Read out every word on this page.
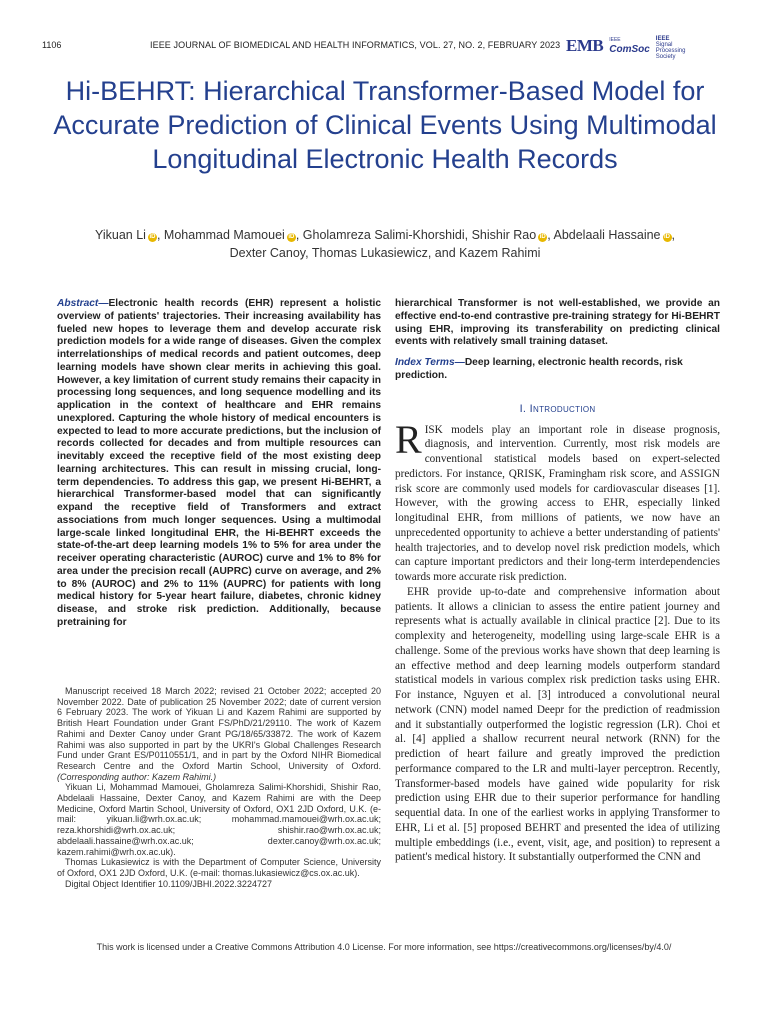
1106	IEEE JOURNAL OF BIOMEDICAL AND HEALTH INFORMATICS, VOL. 27, NO. 2, FEBRUARY 2023 EMB IEEE
ComSoc
IEEE
Signal Processing Society
Hi-BEHRT: Hierarchical Transformer-Based Model for Accurate Prediction of Clinical Events Using Multimodal Longitudinal Electronic Health Records
Yikuan Li iD , Mohammad Mamouei iD , Gholamreza Salimi-Khorshidi, Shishir Rao iD , Abdelaali Hassaine iD ,
Dexter Canoy, Thomas Lukasiewicz, and Kazem Rahimi
Abstract—Electronic health records (EHR) represent a holistic overview of patients' trajectories. Their increasing availability has fueled new hopes to leverage them and develop accurate risk prediction models for a wide range of diseases. Given the complex interrelationships of medical records and patient outcomes, deep learning models have shown clear merits in achieving this goal. However, a key limitation of current study remains their capacity in processing long sequences, and long sequence modelling and its application in the context of healthcare and EHR remains unexplored. Capturing the whole history of medical encounters is expected to lead to more accurate predictions, but the inclusion of records collected for decades and from multiple resources can inevitably exceed the receptive field of the most existing deep learning architectures. This can result in missing crucial, long-term dependencies. To address this gap, we present Hi-BEHRT, a hierarchical Transformer-based model that can significantly expand the receptive field of Transformers and extract associations from much longer sequences. Using a multimodal large-scale linked longitudinal EHR, the Hi-BEHRT exceeds the state-of-the-art deep learning models 1% to 5% for area under the receiver operating characteristic (AUROC) curve and 1% to 8% for area under the precision recall (AUPRC) curve on average, and 2% to 8% (AUROC) and 2% to 11% (AUPRC) for patients with long medical history for 5-year heart failure, diabetes, chronic kidney disease, and stroke risk prediction. Additionally, because pretraining for

Manuscript received 18 March 2022; revised 21 October 2022; accepted 20 November 2022. Date of publication 25 November 2022; date of current version 6 February 2023. The work of Yikuan Li and Kazem Rahimi are supported by British Heart Foundation under Grant FS/PhD/21/29110. The work of Kazem Rahimi and Dexter Canoy under Grant PG/18/65/33872. The work of Kazem Rahimi was also supported in part by the UKRI's Global Challenges Research Fund under Grant ES/P0110551/1, and in part by the Oxford NIHR Biomedical Research Centre and the Oxford Martin School, University of Oxford. (Corresponding author: Kazem Rahimi.)

Yikuan Li, Mohammad Mamouei, Gholamreza Salimi-Khorshidi, Shishir Rao, Abdelaali Hassaine, Dexter Canoy, and Kazem Rahimi are with the Deep Medicine, Oxford Martin School, University of Oxford, OX1 2JD Oxford, U.K. (e-mail: yikuan.li@wrh.ox.ac.uk; mohammad.mamouei@wrh.ox.ac.uk; reza.khorshidi@wrh.ox.ac.uk; shishir.rao@wrh.ox.ac.uk; abdelaali.hassaine@wrh.ox.ac.uk; dexter.canoy@wrh.ox.ac.uk; kazem.rahimi@wrh.ox.ac.uk).

Thomas Lukasiewicz is with the Department of Computer Science, University of Oxford, OX1 2JD Oxford, U.K. (e-mail: thomas.lukasiewicz@cs.ox.ac.uk).

Digital Object Identifier 10.1109/JBHI.2022.3224727

hierarchical Transformer is not well-established, we provide an effective end-to-end contrastive pre-training strategy for Hi-BEHRT using EHR, improving its transferability on predicting clinical events with relatively small training dataset.
Index Terms—Deep learning, electronic health records, risk prediction.
I. Introduction

RISK models play an important role in disease prognosis, diagnosis, and intervention. Currently, most risk models are conventional statistical models based on expert-selected predictors. For instance, QRISK, Framingham risk score, and ASSIGN risk score are commonly used models for cardiovascular diseases [1]. However, with the growing access to EHR, especially linked longitudinal EHR, from millions of patients, we now have an unprecedented opportunity to achieve a better understanding of patients' health trajectories, and to develop novel risk prediction models, which can capture important predictors and their long-term interdependencies towards more accurate risk prediction.

EHR provide up-to-date and comprehensive information about patients. It allows a clinician to assess the entire patient journey and represents what is actually available in clinical practice [2]. Due to its complexity and heterogeneity, modelling using large-scale EHR is a challenge. Some of the previous works have shown that deep learning is an effective method and deep learning models outperform standard statistical models in various complex risk prediction tasks using EHR. For instance, Nguyen et al. [3] introduced a convolutional neural network (CNN) model named Deepr for the prediction of readmission and it substantially outperformed the logistic regression (LR). Choi et al. [4] applied a shallow recurrent neural network (RNN) for the prediction of heart failure and greatly improved the prediction performance compared to the LR and multi-layer perceptron. Recently, Transformer-based models have gained wide popularity for risk prediction using EHR due to their superior performance for handling sequential data. In one of the earliest works in applying Transformer to EHR, Li et al. [5] proposed BEHRT and presented the idea of utilizing multiple embeddings (i.e., event, visit, age, and position) to represent a patient's medical history. It substantially outperformed the CNN and

This work is licensed under a Creative Commons Attribution 4.0 License. For more information, see https://creativecommons.org/licenses/by/4.0/
